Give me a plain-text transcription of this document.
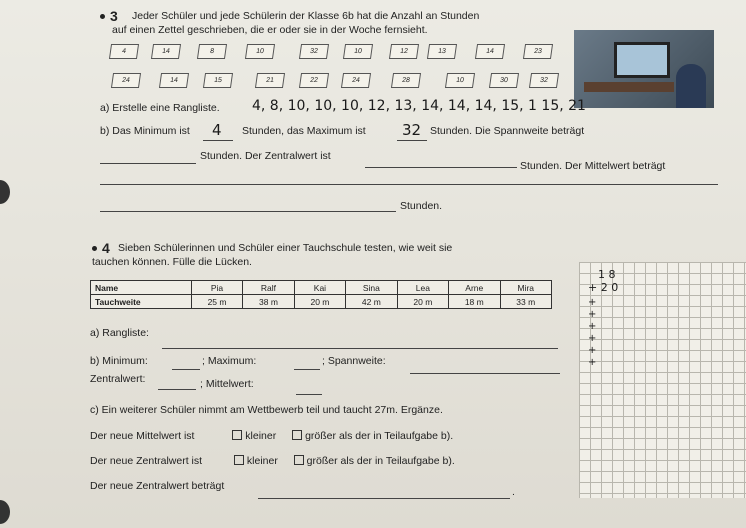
3 Jeder Schüler und jede Schülerin der Klasse 6b hat die Anzahl an Stunden
auf einen Zettel geschrieben, die er oder sie in der Woche fernsieht.
4	14	8	10	32	10	12	13	14	23
24	14	15	21	22	24	28	10	30	32
a) Erstelle eine Rangliste. 4, 8, 10, 10, 10, 12, 13, 14, 14, 14, 15, 1 15, 21
b) Das Minimum ist 4 Stunden, das Maximum ist 32 Stunden. Die Spannweite beträgt
Stunden. Der Zentralwert ist
Stunden. Der Mittelwert beträgt
Stunden.
4 Sieben Schülerinnen und Schüler einer Tauchschule testen, wie weit sie
tauchen können. Fülle die Lücken.
Name	Pia	Ralf	Kai	Sina	Lea	Arne	Mira
Tauchweite	25 m	38 m	20 m	42 m	20 m	18 m	33 m
a) Rangliste:
b) Minimum:	; Maximum:	; Spannweite:
Zentralwert:	; Mittelwert:
c) Ein weiterer Schüler nimmt am Wettbewerb teil und taucht 27m. Ergänze.
Der neue Mittelwert ist	kleiner	größer als der in Teilaufgabe b).
Der neue Zentralwert ist	kleiner	größer als der in Teilaufgabe b).
Der neue Zentralwert beträgt	.
1 8
+ 2 0
+
+
+
+
+
+
